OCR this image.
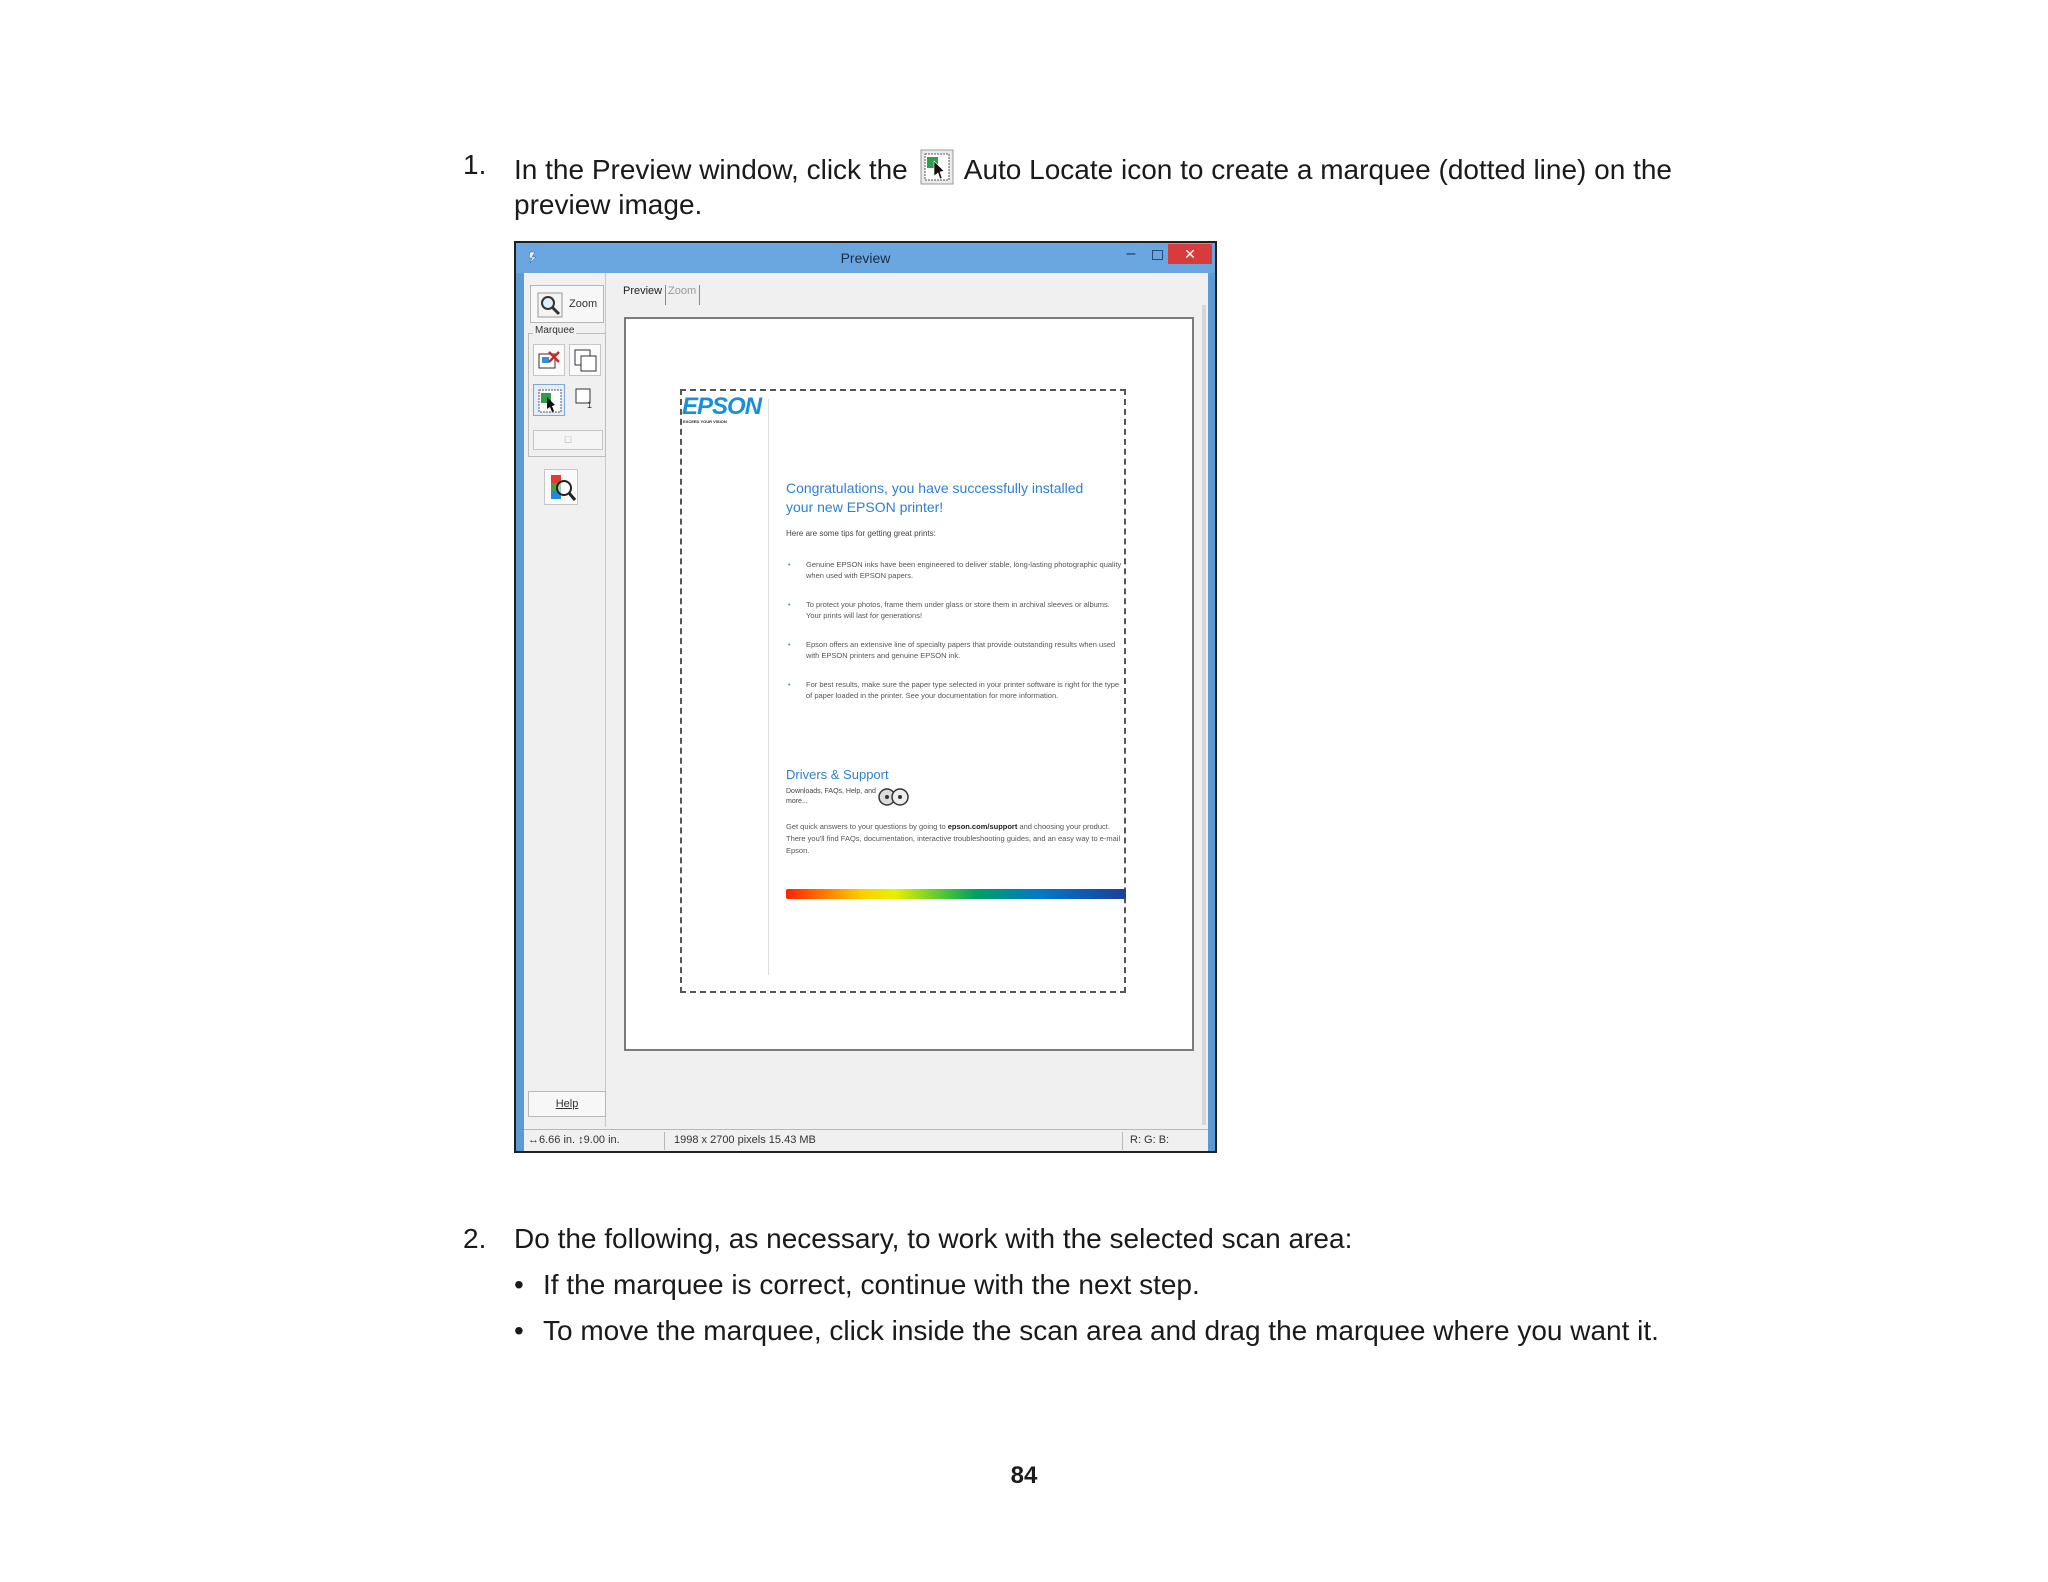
1. In the Preview window, click the Auto Locate icon to create a marquee (dotted line) on the preview image.
Preview	–	✕
Zoom
Marquee
1
☐
Help
Preview Zoom
EPSON
EXCEED YOUR VISION
Congratulations, you have successfully installed your new EPSON printer!
Here are some tips for getting great prints:
• Genuine EPSON inks have been engineered to deliver stable, long-lasting photographic quality when used with EPSON papers.
• To protect your photos, frame them under glass or store them in archival sleeves or albums. Your prints will last for generations!
• Epson offers an extensive line of specialty papers that provide outstanding results when used with EPSON printers and genuine EPSON ink.
• For best results, make sure the paper type selected in your printer software is right for the type of paper loaded in the printer. See your documentation for more information.
Drivers & Support
Downloads, FAQs, Help, and more...
Get quick answers to your questions by going to epson.com/support and choosing your product. There you'll find FAQs, documentation, interactive troubleshooting guides, and an easy way to e-mail Epson.
↔6.66 in. ↕9.00 in.	1998 x 2700 pixels 15.43 MB	R: G: B:
2. Do the following, as necessary, to work with the selected scan area:
• If the marquee is correct, continue with the next step.
• To move the marquee, click inside the scan area and drag the marquee where you want it.
84
